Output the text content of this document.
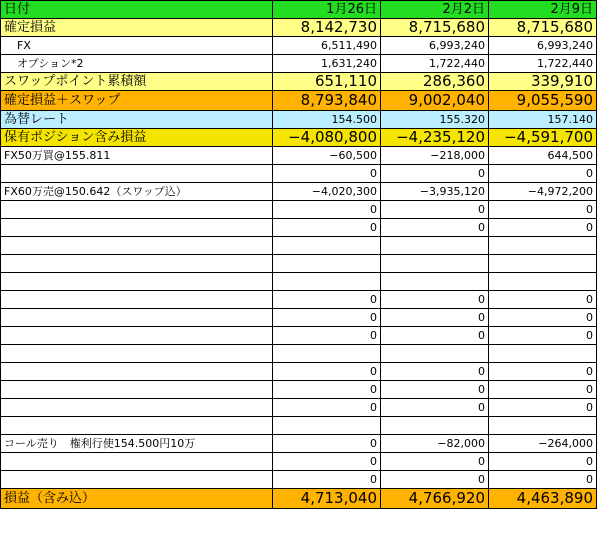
日付	1月26日	2月2日	2月9日
確定損益	8,142,730	8,715,680	8,715,680
FX	6,511,490	6,993,240	6,993,240
オプション*2	1,631,240	1,722,440	1,722,440
スワップポイント累積額	651,110	286,360	339,910
確定損益＋スワップ	8,793,840	9,002,040	9,055,590
為替レート	154.500	155.320	157.140
保有ポジション含み損益	−4,080,800	−4,235,120	−4,591,700
FX50万買@155.811	−60,500	−218,000	644,500
	0	0	0
FX60万売@150.642（スワップ込）	−4,020,300	−3,935,120	−4,972,200
	0	0	0
	0	0	0

	0	0	0
	0	0	0
	0	0	0

	0	0	0
	0	0	0
	0	0	0

コール売り　権利行使154.500円10万	0	−82,000	−264,000
	0	0	0
	0	0	0
損益（含み込）	4,713,040	4,766,920	4,463,890
